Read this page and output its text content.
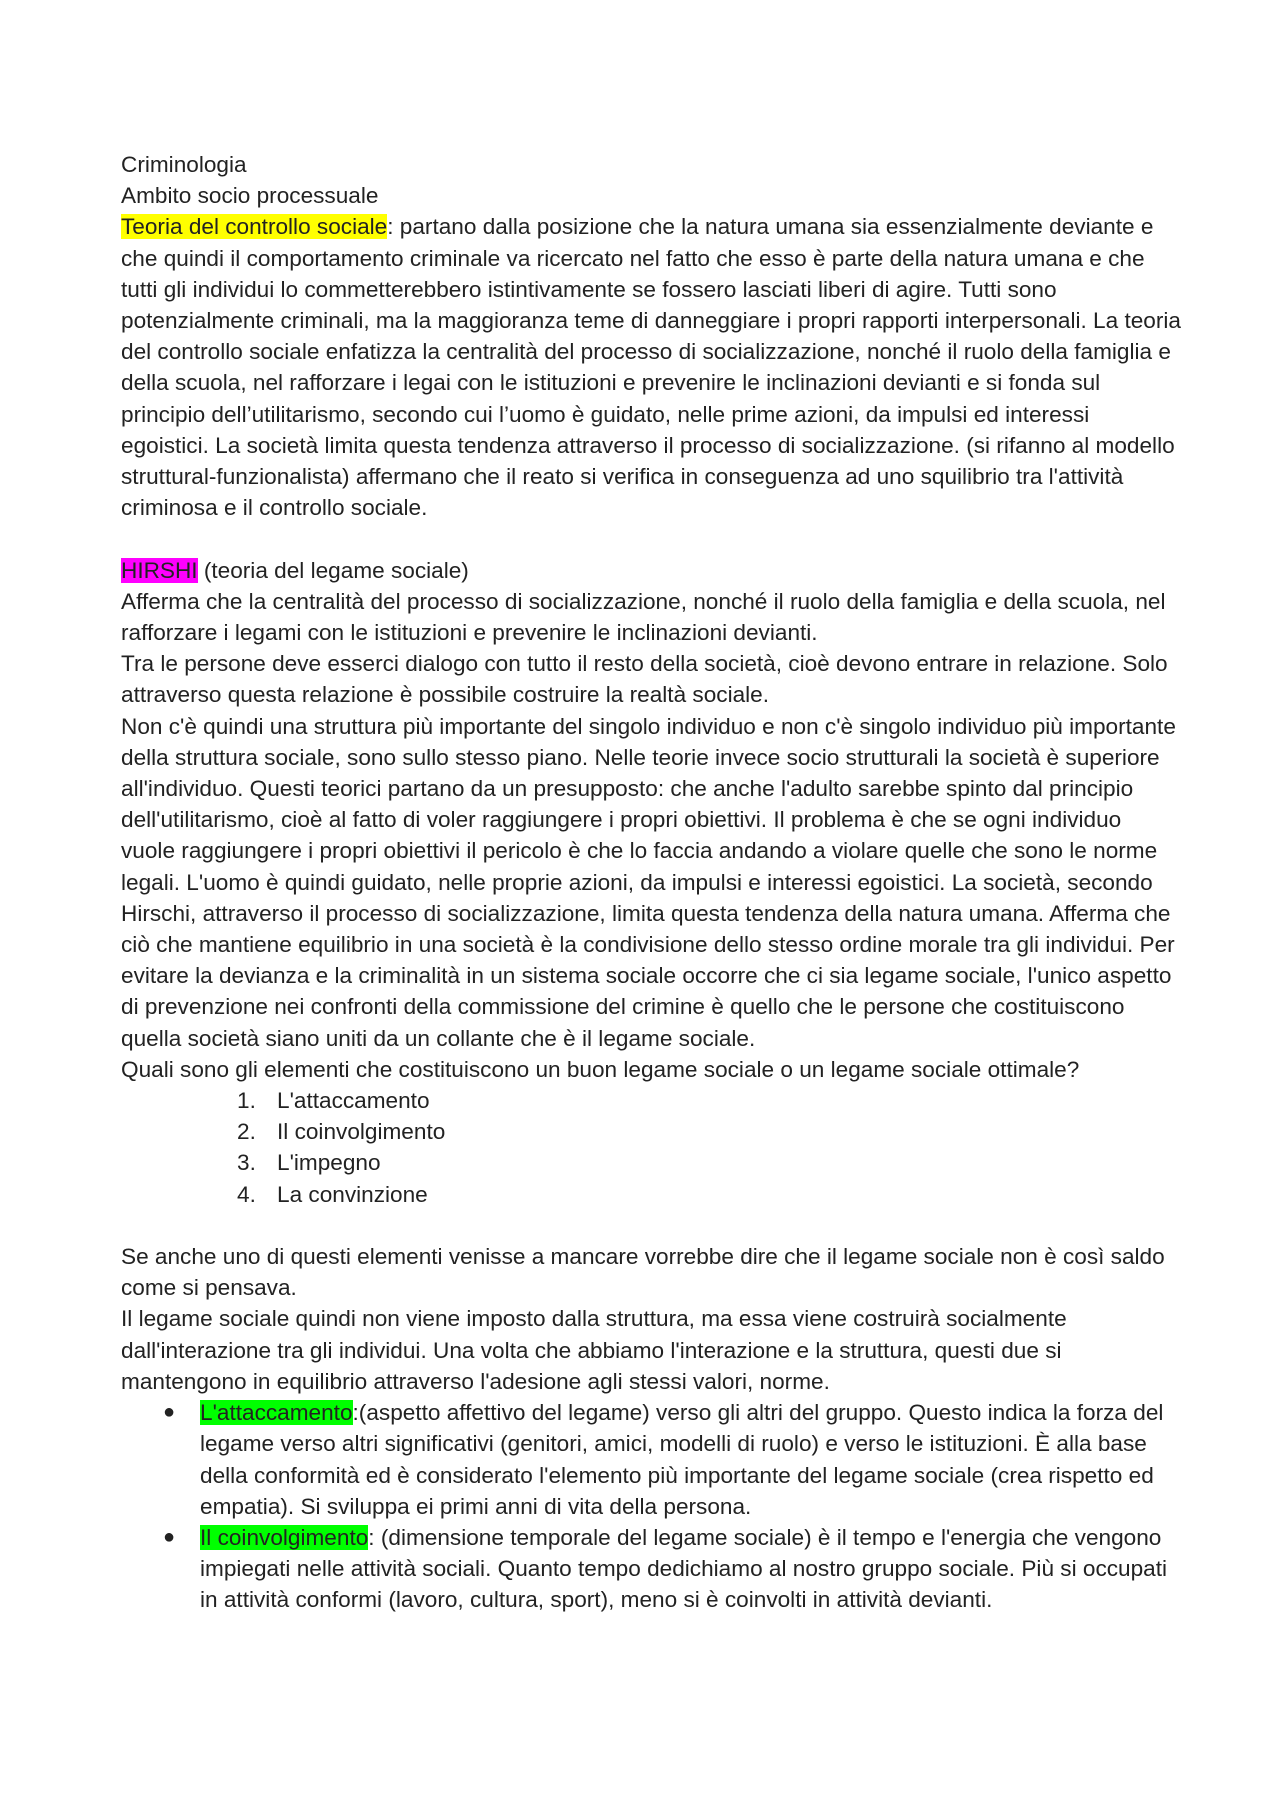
Criminologia

Ambito socio processuale

Teoria del controllo sociale: partano dalla posizione che la natura umana sia essenzialmente deviante e che quindi il comportamento criminale va ricercato nel fatto che esso è parte della natura umana e che tutti gli individui lo commetterebbero istintivamente se fossero lasciati liberi di agire. Tutti sono potenzialmente criminali, ma la maggioranza teme di danneggiare i propri rapporti interpersonali. La teoria del controllo sociale enfatizza la centralità del processo di socializzazione, nonché il ruolo della famiglia e della scuola, nel rafforzare i legai con le istituzioni e prevenire le inclinazioni devianti e si fonda sul principio dell’utilitarismo, secondo cui l’uomo è guidato, nelle prime azioni, da impulsi ed interessi egoistici. La società limita questa tendenza attraverso il processo di socializzazione. (si rifanno al modello struttural-funzionalista) affermano che il reato si verifica in conseguenza ad uno squilibrio tra l'attività criminosa e il controllo sociale.

HIRSHI (teoria del legame sociale)

Afferma che la centralità del processo di socializzazione, nonché il ruolo della famiglia e della scuola, nel rafforzare i legami con le istituzioni e prevenire le inclinazioni devianti.

Tra le persone deve esserci dialogo con tutto il resto della società, cioè devono entrare in relazione. Solo attraverso questa relazione è possibile costruire la realtà sociale.

Non c'è quindi una struttura più importante del singolo individuo e non c'è singolo individuo più importante della struttura sociale, sono sullo stesso piano. Nelle teorie invece socio strutturali la società è superiore all'individuo. Questi teorici partano da un presupposto: che anche l'adulto sarebbe spinto dal principio dell'utilitarismo, cioè al fatto di voler raggiungere i propri obiettivi. Il problema è che se ogni individuo vuole raggiungere i propri obiettivi il pericolo è che lo faccia andando a violare quelle che sono le norme legali. L'uomo è quindi guidato, nelle proprie azioni, da impulsi e interessi egoistici. La società, secondo Hirschi, attraverso il processo di socializzazione, limita questa tendenza della natura umana. Afferma che ciò che mantiene equilibrio in una società è la condivisione dello stesso ordine morale tra gli individui. Per evitare la devianza e la criminalità in un sistema sociale occorre che ci sia legame sociale, l'unico aspetto di prevenzione nei confronti della commissione del crimine è quello che le persone che costituiscono quella società siano uniti da un collante che è il legame sociale.

Quali sono gli elementi che costituiscono un buon legame sociale o un legame sociale ottimale?

1. L'attaccamento
2. Il coinvolgimento
3. L'impegno
4. La convinzione

Se anche uno di questi elementi venisse a mancare vorrebbe dire che il legame sociale non è così saldo come si pensava.

Il legame sociale quindi non viene imposto dalla struttura, ma essa viene costruirà socialmente dall'interazione tra gli individui. Una volta che abbiamo l'interazione e la struttura, questi due si mantengono in equilibrio attraverso l'adesione agli stessi valori, norme.

● L'attaccamento:(aspetto affettivo del legame) verso gli altri del gruppo. Questo indica la forza del legame verso altri significativi (genitori, amici, modelli di ruolo) e verso le istituzioni. È alla base della conformità ed è considerato l'elemento più importante del legame sociale (crea rispetto ed empatia). Si sviluppa ei primi anni di vita della persona.
● Il coinvolgimento: (dimensione temporale del legame sociale) è il tempo e l'energia che vengono impiegati nelle attività sociali. Quanto tempo dedichiamo al nostro gruppo sociale. Più si occupati in attività conformi (lavoro, cultura, sport), meno si è coinvolti in attività devianti.
